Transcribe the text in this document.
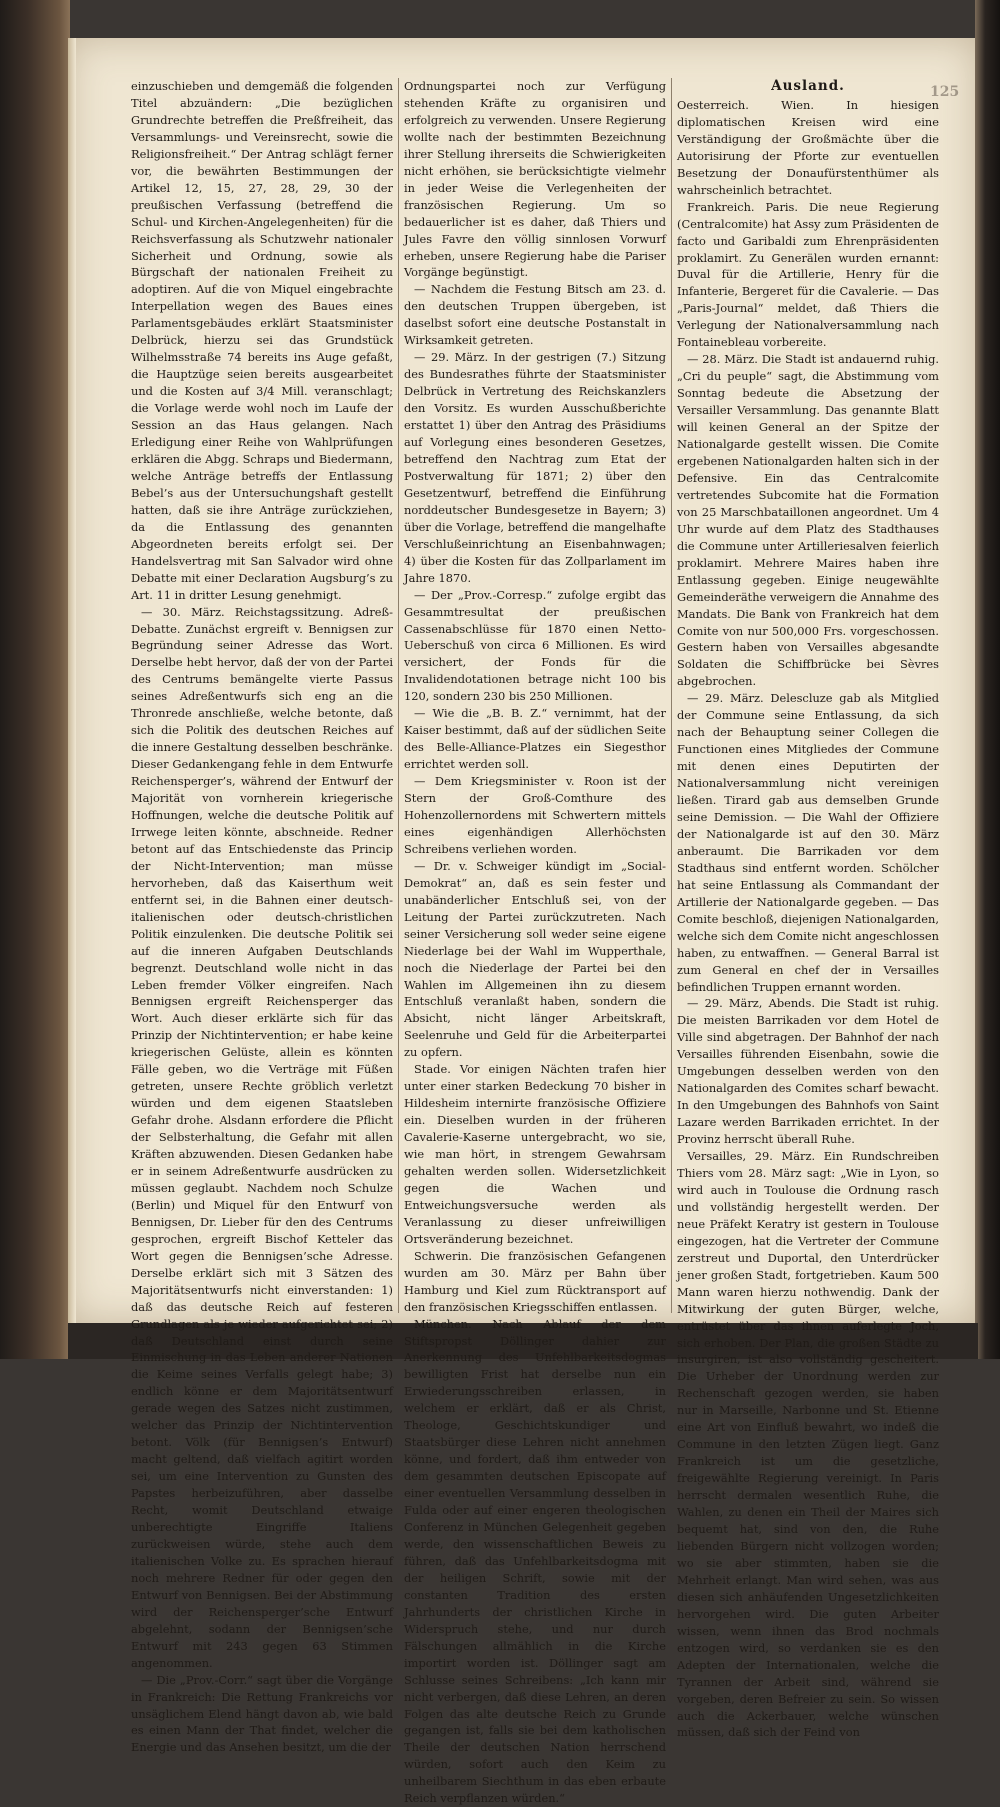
125

einzuschieben und demgemäß die folgenden Titel abzuändern: „Die bezüglichen Grundrechte betreffen die Preßfreiheit, das Versammlungs- und Vereinsrecht, sowie die Religionsfreiheit.“ Der Antrag schlägt ferner vor, die bewährten Bestimmungen der Artikel 12, 15, 27, 28, 29, 30 der preußischen Verfassung (betreffend die Schul- und Kirchen-Angelegenheiten) für die Reichsverfassung als Schutzwehr nationaler Sicherheit und Ordnung, sowie als Bürgschaft der nationalen Freiheit zu adoptiren. Auf die von Miquel eingebrachte Interpellation wegen des Baues eines Parlamentsgebäudes erklärt Staatsminister Delbrück, hierzu sei das Grundstück Wilhelmsstraße 74 bereits ins Auge gefaßt, die Hauptzüge seien bereits ausgearbeitet und die Kosten auf 3/4 Mill. veranschlagt; die Vorlage werde wohl noch im Laufe der Session an das Haus gelangen. Nach Erledigung einer Reihe von Wahlprüfungen erklären die Abgg. Schraps und Biedermann, welche Anträge betreffs der Entlassung Bebel’s aus der Untersuchungshaft gestellt hatten, daß sie ihre Anträge zurückziehen, da die Entlassung des genannten Abgeordneten bereits erfolgt sei. Der Handelsvertrag mit San Salvador wird ohne Debatte mit einer Declaration Augsburg’s zu Art. 11 in dritter Lesung genehmigt.

— 30. März. Reichstagssitzung. Adreß-Debatte. Zunächst ergreift v. Bennigsen zur Begründung seiner Adresse das Wort. Derselbe hebt hervor, daß der von der Partei des Centrums bemängelte vierte Passus seines Adreßentwurfs sich eng an die Thronrede anschließe, welche betonte, daß sich die Politik des deutschen Reiches auf die innere Gestaltung desselben beschränke. Dieser Gedankengang fehle in dem Entwurfe Reichensperger’s, während der Entwurf der Majorität von vornherein kriegerische Hoffnungen, welche die deutsche Politik auf Irrwege leiten könnte, abschneide. Redner betont auf das Entschiedenste das Princip der Nicht-Intervention; man müsse hervorheben, daß das Kaiserthum weit entfernt sei, in die Bahnen einer deutsch-italienischen oder deutsch-christlichen Politik einzulenken. Die deutsche Politik sei auf die inneren Aufgaben Deutschlands begrenzt. Deutschland wolle nicht in das Leben fremder Völker eingreifen. Nach Bennigsen ergreift Reichensperger das Wort. Auch dieser erklärte sich für das Prinzip der Nichtintervention; er habe keine kriegerischen Gelüste, allein es könnten Fälle geben, wo die Verträge mit Füßen getreten, unsere Rechte gröblich verletzt würden und dem eigenen Staatsleben Gefahr drohe. Alsdann erfordere die Pflicht der Selbsterhaltung, die Gefahr mit allen Kräften abzuwenden. Diesen Gedanken habe er in seinem Adreßentwurfe ausdrücken zu müssen geglaubt. Nachdem noch Schulze (Berlin) und Miquel für den Entwurf von Bennigsen, Dr. Lieber für den des Centrums gesprochen, ergreift Bischof Ketteler das Wort gegen die Bennigsen’sche Adresse. Derselbe erklärt sich mit 3 Sätzen des Majoritätsentwurfs nicht einverstanden: 1) daß das deutsche Reich auf festeren Grundlagen als je wieder aufgerichtet sei; 2) daß Deutschland einst durch seine Einmischung in das Leben anderer Nationen die Keime seines Verfalls gelegt habe; 3) endlich könne er dem Majoritätsentwurf gerade wegen des Satzes nicht zustimmen, welcher das Prinzip der Nichtintervention betont. Völk (für Bennigsen’s Entwurf) macht geltend, daß vielfach agitirt worden sei, um eine Intervention zu Gunsten des Papstes herbeizuführen, aber dasselbe Recht, womit Deutschland etwaige unberechtigte Eingriffe Italiens zurückweisen würde, stehe auch dem italienischen Volke zu. Es sprachen hierauf noch mehrere Redner für oder gegen den Entwurf von Bennigsen. Bei der Abstimmung wird der Reichensperger’sche Entwurf abgelehnt, sodann der Bennigsen’sche Entwurf mit 243 gegen 63 Stimmen angenommen.

— Die „Prov.-Corr.“ sagt über die Vorgänge in Frankreich: Die Rettung Frankreichs vor unsäglichem Elend hängt davon ab, wie bald es einen Mann der That findet, welcher die Energie und das Ansehen besitzt, um die der

Ordnungspartei noch zur Verfügung stehenden Kräfte zu organisiren und erfolgreich zu verwenden. Unsere Regierung wollte nach der bestimmten Bezeichnung ihrer Stellung ihrerseits die Schwierigkeiten nicht erhöhen, sie berücksichtigte vielmehr in jeder Weise die Verlegenheiten der französischen Regierung. Um so bedauerlicher ist es daher, daß Thiers und Jules Favre den völlig sinnlosen Vorwurf erheben, unsere Regierung habe die Pariser Vorgänge begünstigt.

— Nachdem die Festung Bitsch am 23. d. den deutschen Truppen übergeben, ist daselbst sofort eine deutsche Postanstalt in Wirksamkeit getreten.

— 29. März. In der gestrigen (7.) Sitzung des Bundesrathes führte der Staatsminister Delbrück in Vertretung des Reichskanzlers den Vorsitz. Es wurden Ausschußberichte erstattet 1) über den Antrag des Präsidiums auf Vorlegung eines besonderen Gesetzes, betreffend den Nachtrag zum Etat der Postverwaltung für 1871; 2) über den Gesetzentwurf, betreffend die Einführung norddeutscher Bundesgesetze in Bayern; 3) über die Vorlage, betreffend die mangelhafte Verschlußeinrichtung an Eisenbahnwagen; 4) über die Kosten für das Zollparlament im Jahre 1870.

— Der „Prov.-Corresp.“ zufolge ergibt das Gesammtresultat der preußischen Cassenabschlüsse für 1870 einen Netto-Ueberschuß von circa 6 Millionen. Es wird versichert, der Fonds für die Invalidendotationen betrage nicht 100 bis 120, sondern 230 bis 250 Millionen.

— Wie die „B. B. Z.“ vernimmt, hat der Kaiser bestimmt, daß auf der südlichen Seite des Belle-Alliance-Platzes ein Siegesthor errichtet werden soll.

— Dem Kriegsminister v. Roon ist der Stern der Groß-Comthure des Hohenzollernordens mit Schwertern mittels eines eigenhändigen Allerhöchsten Schreibens verliehen worden.

— Dr. v. Schweiger kündigt im „Social-Demokrat“ an, daß es sein fester und unabänderlicher Entschluß sei, von der Leitung der Partei zurückzutreten. Nach seiner Versicherung soll weder seine eigene Niederlage bei der Wahl im Wupperthale, noch die Niederlage der Partei bei den Wahlen im Allgemeinen ihn zu diesem Entschluß veranlaßt haben, sondern die Absicht, nicht länger Arbeitskraft, Seelenruhe und Geld für die Arbeiterpartei zu opfern.

Stade. Vor einigen Nächten trafen hier unter einer starken Bedeckung 70 bisher in Hildesheim internirte französische Offiziere ein. Dieselben wurden in der früheren Cavalerie-Kaserne untergebracht, wo sie, wie man hört, in strengem Gewahrsam gehalten werden sollen. Widersetzlichkeit gegen die Wachen und Entweichungsversuche werden als Veranlassung zu dieser unfreiwilligen Ortsveränderung bezeichnet.

Schwerin. Die französischen Gefangenen wurden am 30. März per Bahn über Hamburg und Kiel zum Rücktransport auf den französischen Kriegsschiffen entlassen.

München. Nach Ablauf der dem Stiftspropst Döllinger dahier zur Anerkennung des Unfehlbarkeitsdogmas bewilligten Frist hat derselbe nun ein Erwiederungsschreiben erlassen, in welchem er erklärt, daß er als Christ, Theologe, Geschichtskundiger und Staatsbürger diese Lehren nicht annehmen könne, und fordert, daß ihm entweder von dem gesammten deutschen Episcopate auf einer eventuellen Versammlung desselben in Fulda oder auf einer engeren theologischen Conferenz in München Gelegenheit gegeben werde, den wissenschaftlichen Beweis zu führen, daß das Unfehlbarkeitsdogma mit der heiligen Schrift, sowie mit der constanten Tradition des ersten Jahrhunderts der christlichen Kirche in Widerspruch stehe, und nur durch Fälschungen allmählich in die Kirche importirt worden ist. Döllinger sagt am Schlusse seines Schreibens: „Ich kann mir nicht verbergen, daß diese Lehren, an deren Folgen das alte deutsche Reich zu Grunde gegangen ist, falls sie bei dem katholischen Theile der deutschen Nation herrschend würden, sofort auch den Keim zu unheilbarem Siechthum in das eben erbaute Reich verpflanzen würden.“

Ausland.

Oesterreich. Wien. In hiesigen diplomatischen Kreisen wird eine Verständigung der Großmächte über die Autorisirung der Pforte zur eventuellen Besetzung der Donaufürstenthümer als wahrscheinlich betrachtet.

Frankreich. Paris. Die neue Regierung (Centralcomite) hat Assy zum Präsidenten de facto und Garibaldi zum Ehrenpräsidenten proklamirt. Zu Generälen wurden ernannt: Duval für die Artillerie, Henry für die Infanterie, Bergeret für die Cavalerie. — Das „Paris-Journal“ meldet, daß Thiers die Verlegung der Nationalversammlung nach Fontainebleau vorbereite.

— 28. März. Die Stadt ist andauernd ruhig. „Cri du peuple“ sagt, die Abstimmung vom Sonntag bedeute die Absetzung der Versailler Versammlung. Das genannte Blatt will keinen General an der Spitze der Nationalgarde gestellt wissen. Die Comite ergebenen Nationalgarden halten sich in der Defensive. Ein das Centralcomite vertretendes Subcomite hat die Formation von 25 Marschbataillonen angeordnet. Um 4 Uhr wurde auf dem Platz des Stadthauses die Commune unter Artilleriesalven feierlich proklamirt. Mehrere Maires haben ihre Entlassung gegeben. Einige neugewählte Gemeinderäthe verweigern die Annahme des Mandats. Die Bank von Frankreich hat dem Comite von nur 500,000 Frs. vorgeschossen. Gestern haben von Versailles abgesandte Soldaten die Schiffbrücke bei Sèvres abgebrochen.

— 29. März. Delescluze gab als Mitglied der Commune seine Entlassung, da sich nach der Behauptung seiner Collegen die Functionen eines Mitgliedes der Commune mit denen eines Deputirten der Nationalversammlung nicht vereinigen ließen. Tirard gab aus demselben Grunde seine Demission. — Die Wahl der Offiziere der Nationalgarde ist auf den 30. März anberaumt. Die Barrikaden vor dem Stadthaus sind entfernt worden. Schölcher hat seine Entlassung als Commandant der Artillerie der Nationalgarde gegeben. — Das Comite beschloß, diejenigen Nationalgarden, welche sich dem Comite nicht angeschlossen haben, zu entwaffnen. — General Barral ist zum General en chef der in Versailles befindlichen Truppen ernannt worden.

— 29. März, Abends. Die Stadt ist ruhig. Die meisten Barrikaden vor dem Hotel de Ville sind abgetragen. Der Bahnhof der nach Versailles führenden Eisenbahn, sowie die Umgebungen desselben werden von den Nationalgarden des Comites scharf bewacht. In den Umgebungen des Bahnhofs von Saint Lazare werden Barrikaden errichtet. In der Provinz herrscht überall Ruhe.

Versailles, 29. März. Ein Rundschreiben Thiers vom 28. März sagt: „Wie in Lyon, so wird auch in Toulouse die Ordnung rasch und vollständig hergestellt werden. Der neue Präfekt Keratry ist gestern in Toulouse eingezogen, hat die Vertreter der Commune zerstreut und Duportal, den Unterdrücker jener großen Stadt, fortgetrieben. Kaum 500 Mann waren hierzu nothwendig. Dank der Mitwirkung der guten Bürger, welche, entrüstet über das ihnen auferlegte Joch, sich erhoben. Der Plan, die großen Städte zu insurgiren, ist also vollständig gescheitert. Die Urheber der Unordnung werden zur Rechenschaft gezogen werden, sie haben nur in Marseille, Narbonne und St. Etienne eine Art von Einfluß bewahrt, wo indeß die Commune in den letzten Zügen liegt. Ganz Frankreich ist um die gesetzliche, freigewählte Regierung vereinigt. In Paris herrscht dermalen wesentlich Ruhe, die Wahlen, zu denen ein Theil der Maires sich bequemt hat, sind von den, die Ruhe liebenden Bürgern nicht vollzogen worden; wo sie aber stimmten, haben sie die Mehrheit erlangt. Man wird sehen, was aus diesen sich anhäufenden Ungesetzlichkeiten hervorgehen wird. Die guten Arbeiter wissen, wenn ihnen das Brod nochmals entzogen wird, so verdanken sie es den Adepten der Internationalen, welche die Tyrannen der Arbeit sind, während sie vorgeben, deren Befreier zu sein. So wissen auch die Ackerbauer, welche wünschen müssen, daß sich der Feind von
